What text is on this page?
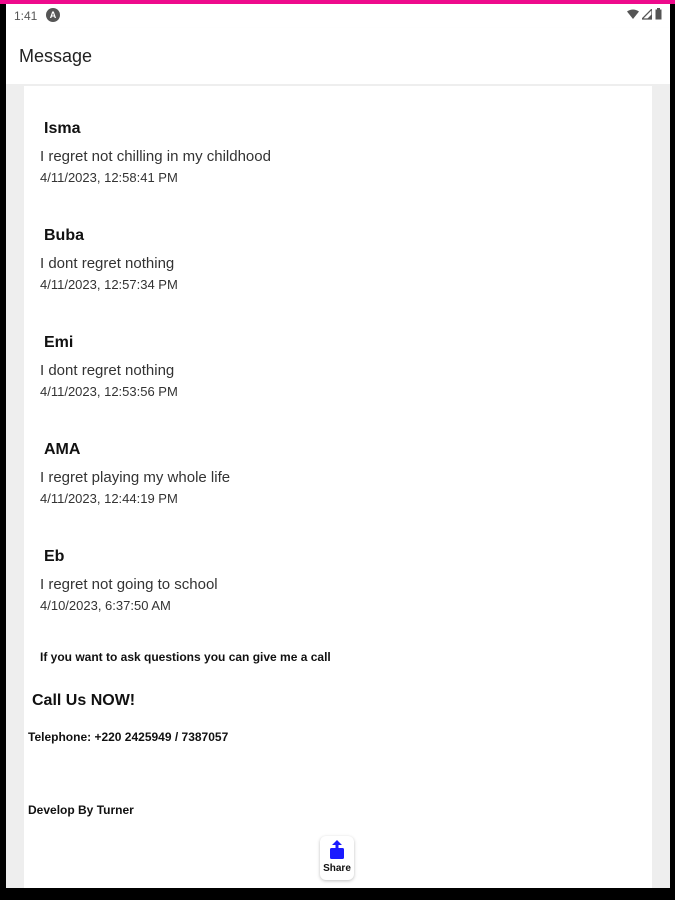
1:41	A
Message
Isma
I regret not chilling in my childhood
4/11/2023, 12:58:41 PM
Buba
I dont regret nothing
4/11/2023, 12:57:34 PM
Emi
I dont regret nothing
4/11/2023, 12:53:56 PM
AMA
I regret playing my whole life
4/11/2023, 12:44:19 PM
Eb
I regret not going to school
4/10/2023, 6:37:50 AM
If you want to ask questions you can give me a call
Call Us NOW!
Telephone: +220 2425949 / 7387057
Develop By Turner
Share
